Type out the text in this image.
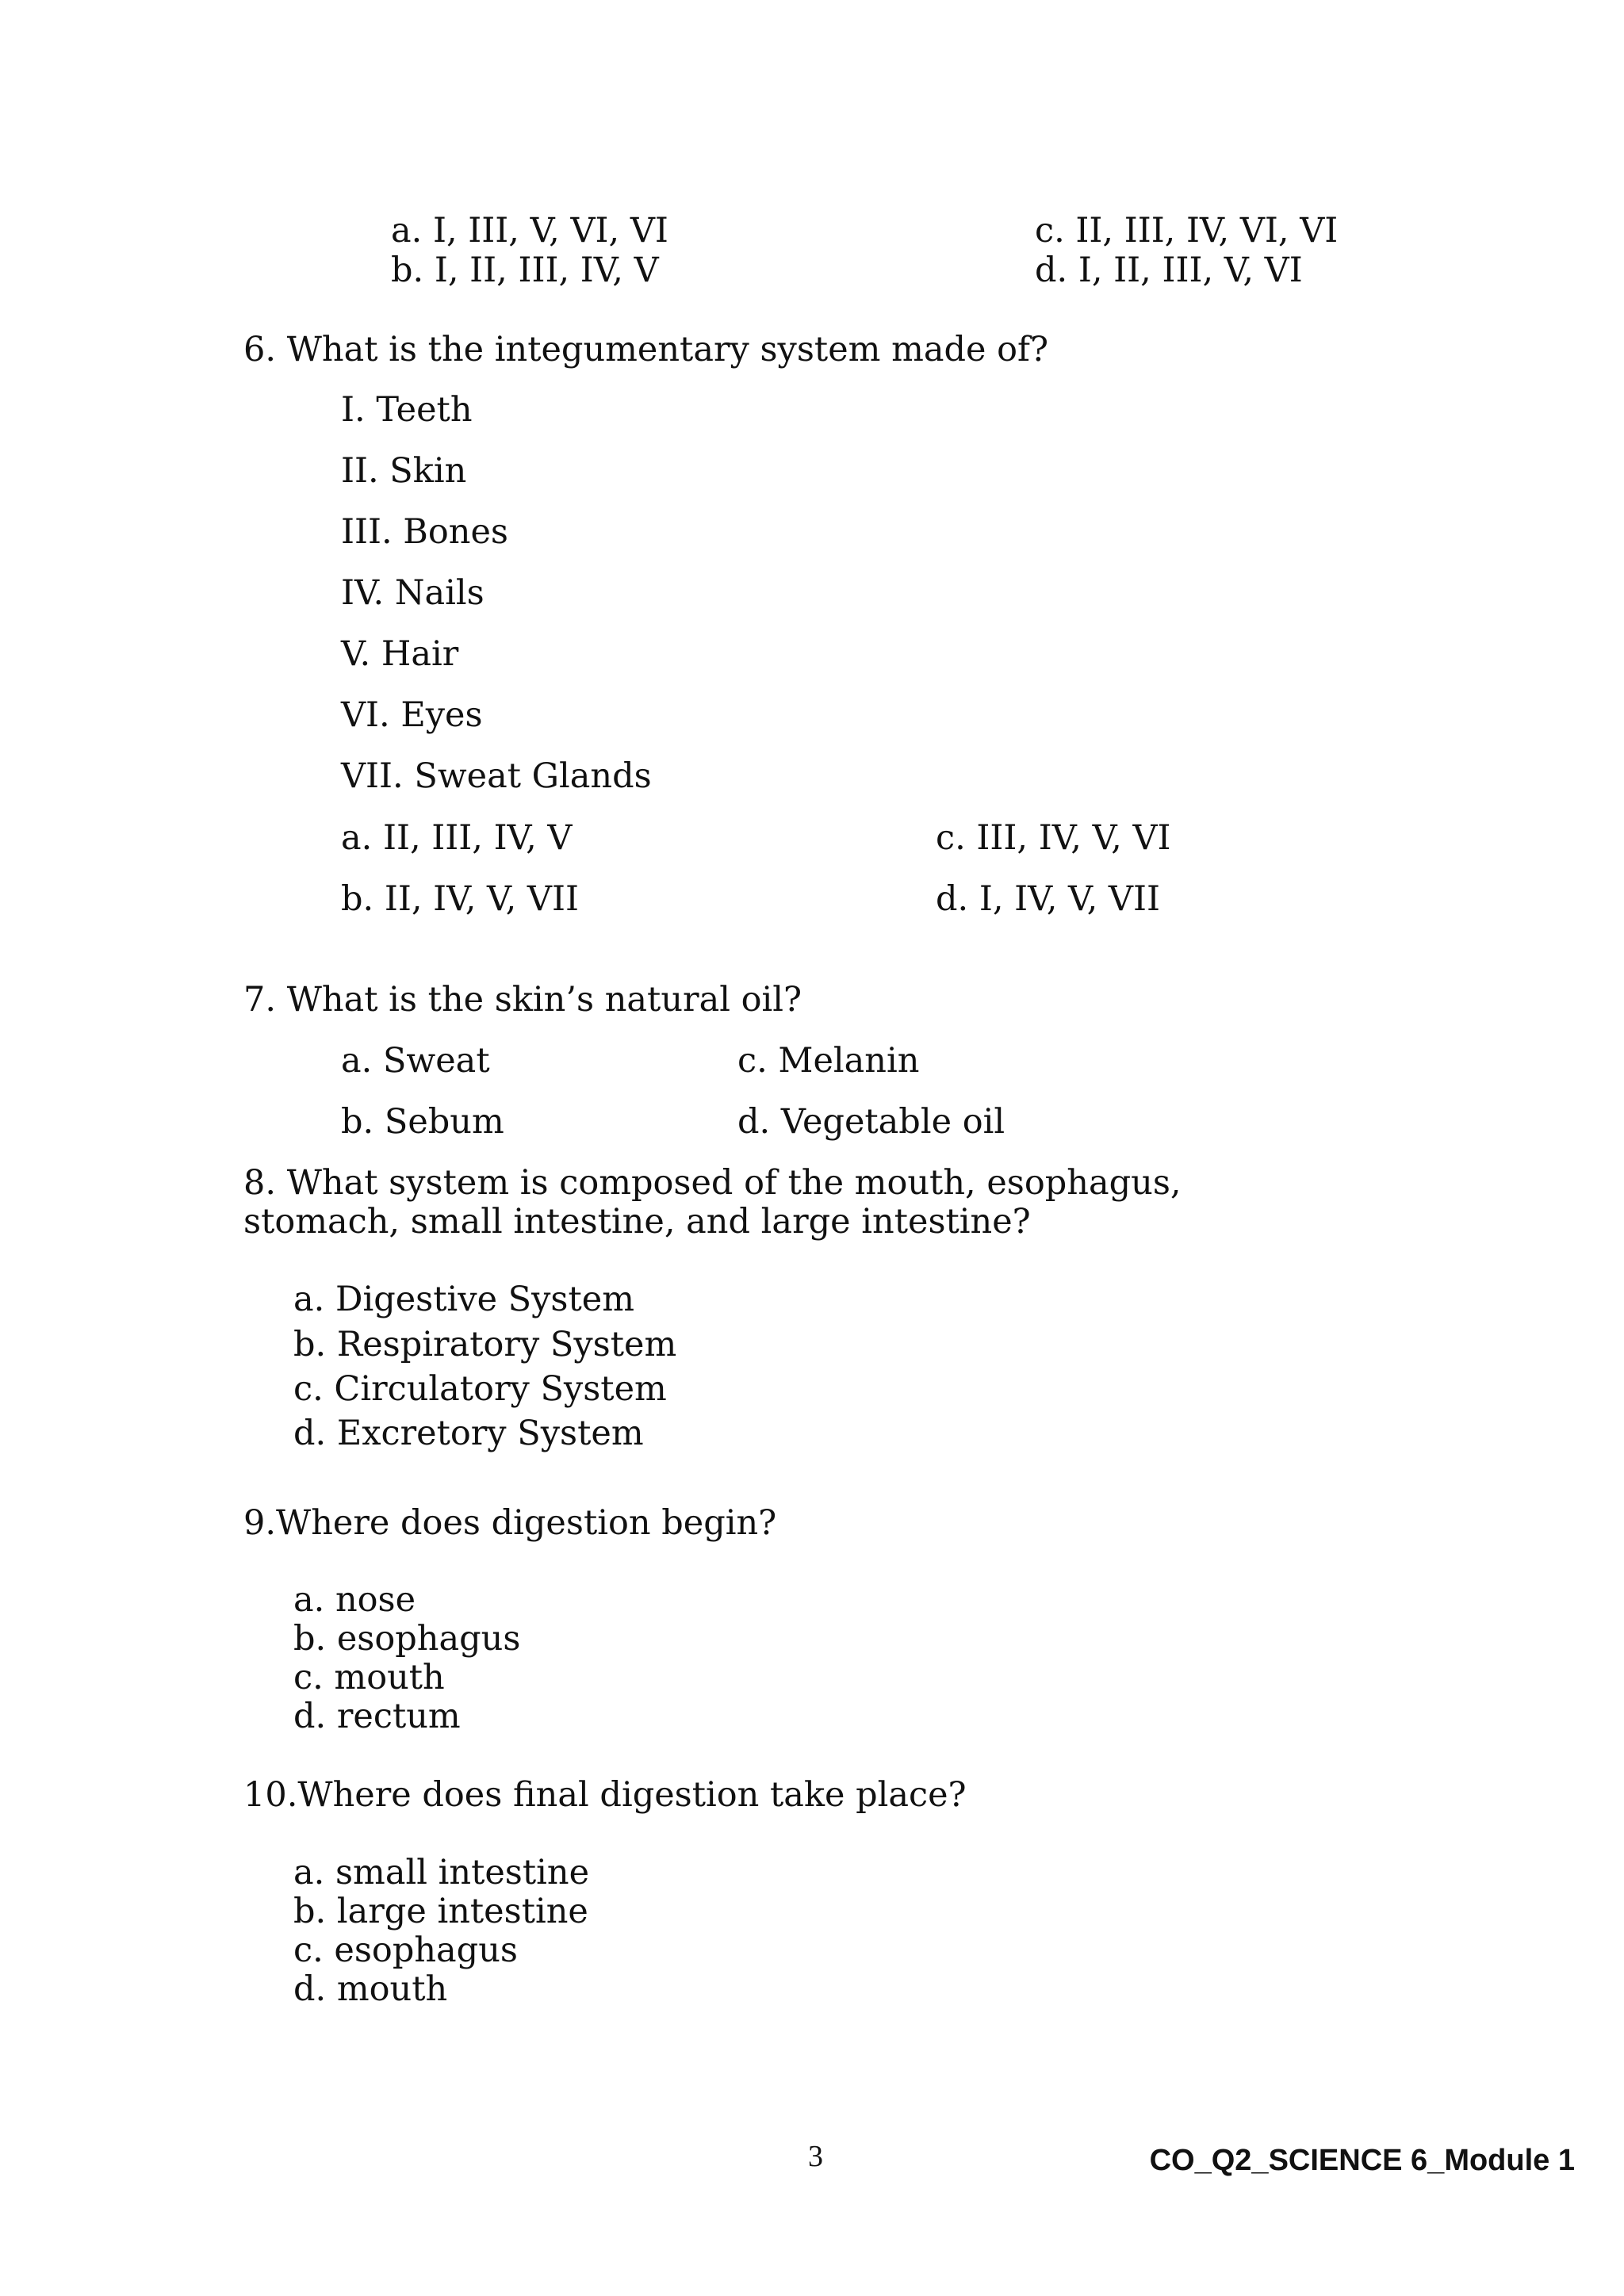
a. I, III, V, VI, VI
b. I, II, III, IV, V
c. II, III, IV, VI, VI
d. I, II, III, V, VI
6. What is the integumentary system made of?
I. Teeth
II. Skin
III. Bones
IV. Nails
V. Hair
VI. Eyes
VII. Sweat Glands
a. II, III, IV, V
b. II, IV, V, VII
c. III, IV, V, VI
d. I, IV, V, VII
7. What is the skin’s natural oil?
a. Sweat
b. Sebum
c. Melanin
d. Vegetable oil
8. What system is composed of the mouth, esophagus,
stomach, small intestine, and large intestine?
a. Digestive System
b. Respiratory System
c. Circulatory System
d. Excretory System
9.Where does digestion begin?
a. nose
b. esophagus
c. mouth
d. rectum
10.Where does final digestion take place?
a. small intestine
b. large intestine
c. esophagus
d. mouth
3	CO_Q2_SCIENCE 6_Module 1
